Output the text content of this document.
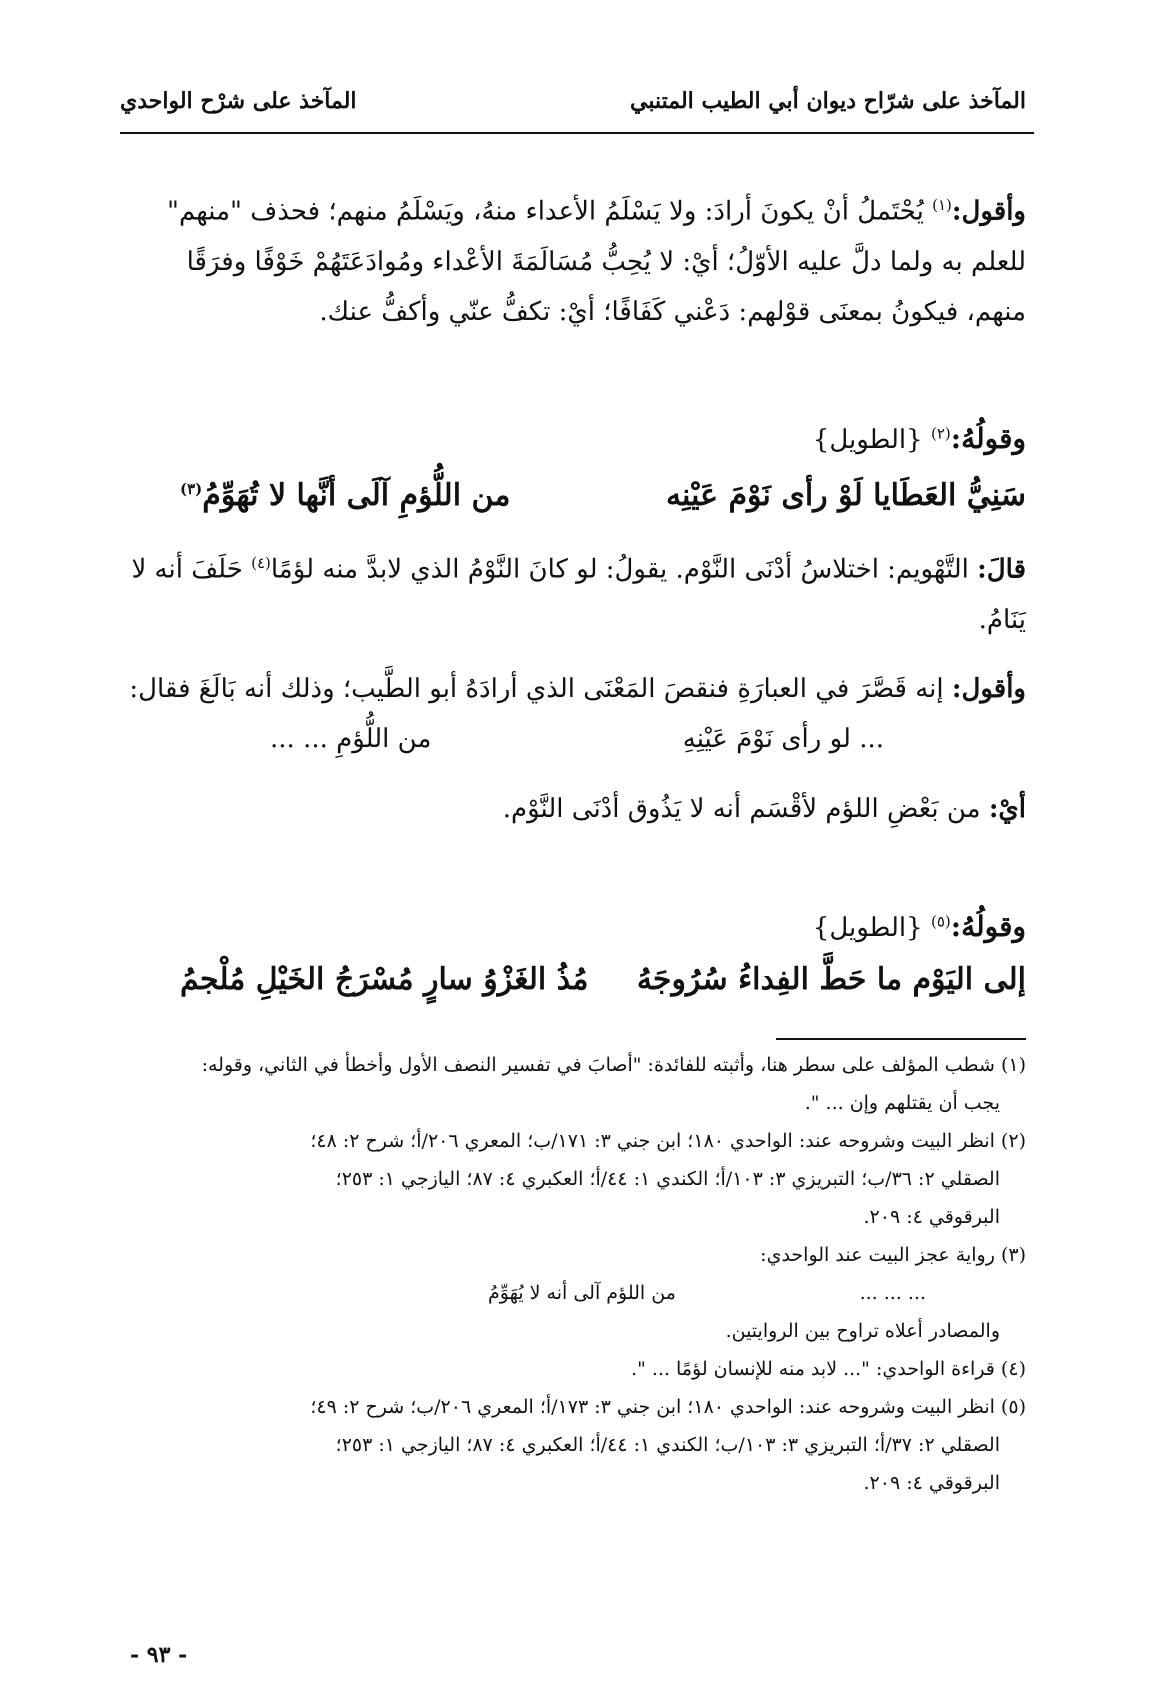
المآخذ على شرّاح ديوان أبي الطيب المتنبي
المآخذ على شرْح الواحدي
وأقول:$^{(١)}$ يُحْتَملُ أنْ يكونَ أرادَ: ولا يَسْلَمُ الأعداء منهُ، ويَسْلَمُ منهم؛ فحذف "منهم" للعلم به ولما دلَّ عليه الأوّلُ؛ أيْ: لا يُحِبُّ مُسَالَمَةَ الأعْداء ومُوادَعَتَهُمْ خَوْفًا وفرَقًا منهم، فيكونُ بمعنَى قوْلهم: دَعْني كَفَافًا؛ أيْ: تكفُّ عنّي وأكفُّ عنك.
وقولُهُ:$^{(٢)}$ {الطويل}
سَنِيُّ العَطَايا لَوْ رأى نَوْمَ عَيْنِه
من اللُّؤمِ آلَى أنَّها لا تُهَوِّمُ$^{(٣)}$
قالَ: التَّهْويم: اختلاسُ أدْنَى النَّوْم. يقولُ: لو كانَ النَّوْمُ الذي لابدَّ منه لؤمًا$^{(٤)}$ حَلَفَ أنه لا يَنَامُ.
وأقول: إنه قَصَّرَ في العبارَةِ فنقصَ المَعْنَى الذي أرادَهُ أبو الطَّيب؛ وذلك أنه بَالَغَ فقال:
... لو رأى نَوْمَ عَيْنِهِ
من اللُّؤمِ ... ...
أيْ: من بَعْضِ اللؤم لأقْسَم أنه لا يَذُوق أدْنَى النَّوْم.
وقولُهُ:$^{(٥)}$ {الطويل}
إلى اليَوْم ما حَطَّ الفِداءُ سُرُوجَهُ
مُذُ الغَزْوُ سارٍ مُسْرَجُ الخَيْلِ مُلْجمُ

(١) شطب المؤلف على سطر هنا، وأثبته للفائدة: "أصابَ في تفسير النصف الأول وأخطأ في الثاني، وقوله:

يجب أن يقتلهم وإن ... ".

(٢) انظر البيت وشروحه عند: الواحدي ١٨٠؛ ابن جني ٣: ١٧١/ب؛ المعري ٢٠٦/أ؛ شرح ٢: ٤٨؛

الصقلي ٢: ٣٦/ب؛ التبريزي ٣: ١٠٣/أ؛ الكندي ١: ٤٤/أ؛ العكبري ٤: ٨٧؛ اليازجي ١: ٢٥٣؛

البرقوقي ٤: ٢٠٩.

(٣) رواية عجز البيت عند الواحدي:

من اللؤم آلى أنه لا يُهَوِّمُ	... ... ...

والمصادر أعلاه تراوح بين الروايتين.

(٤) قراءة الواحدي: "... لابد منه للإنسان لؤمًا ... ".

(٥) انظر البيت وشروحه عند: الواحدي ١٨٠؛ ابن جني ٣: ١٧٣/أ؛ المعري ٢٠٦/ب؛ شرح ٢: ٤٩؛

الصقلي ٢: ٣٧/أ؛ التبريزي ٣: ١٠٣/ب؛ الكندي ١: ٤٤/أ؛ العكبري ٤: ٨٧؛ اليازجي ١: ٢٥٣؛

البرقوقي ٤: ٢٠٩.

- ٩٣ -
